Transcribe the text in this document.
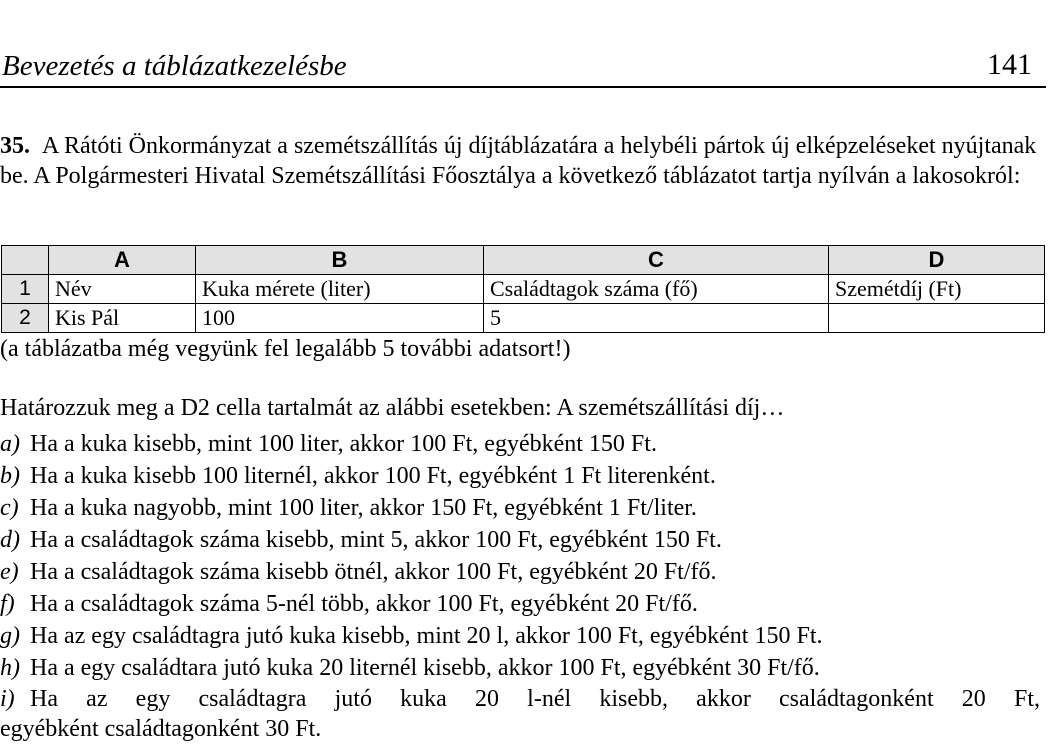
Bevezetés a táblázatkezelésbe	141
35. A Rátóti Önkormányzat a szemétszállítás új díjtáblázatára a helybéli pártok új elképzeléseket nyújtanak be. A Polgármesteri Hivatal Szemétszállítási Főosztálya a következő táblázatot tartja nyílván a lakosokról:
	A	B	C	D
1	Név	Kuka mérete (liter)	Családtagok száma (fő)	Szemétdíj (Ft)
2	Kis Pál	100	5	
(a táblázatba még vegyünk fel legalább 5 további adatsort!)
Határozzuk meg a D2 cella tartalmát az alábbi esetekben: A szemétszállítási díj…
a) Ha a kuka kisebb, mint 100 liter, akkor 100 Ft, egyébként 150 Ft.
b) Ha a kuka kisebb 100 liternél, akkor 100 Ft, egyébként 1 Ft literenként.
c) Ha a kuka nagyobb, mint 100 liter, akkor 150 Ft, egyébként 1 Ft/liter.
d) Ha a családtagok száma kisebb, mint 5, akkor 100 Ft, egyébként 150 Ft.
e) Ha a családtagok száma kisebb ötnél, akkor 100 Ft, egyébként 20 Ft/fő.
f) Ha a családtagok száma 5-nél több, akkor 100 Ft, egyébként 20 Ft/fő.
g) Ha az egy családtagra jutó kuka kisebb, mint 20 l, akkor 100 Ft, egyébként 150 Ft.
h) Ha a egy családtara jutó kuka 20 liternél kisebb, akkor 100 Ft, egyébként 30 Ft/fő.
i) Ha az egy családtagra jutó kuka 20 l-nél kisebb, akkor családtagonként 20 Ft,
egyébként családtagonként 30 Ft.
